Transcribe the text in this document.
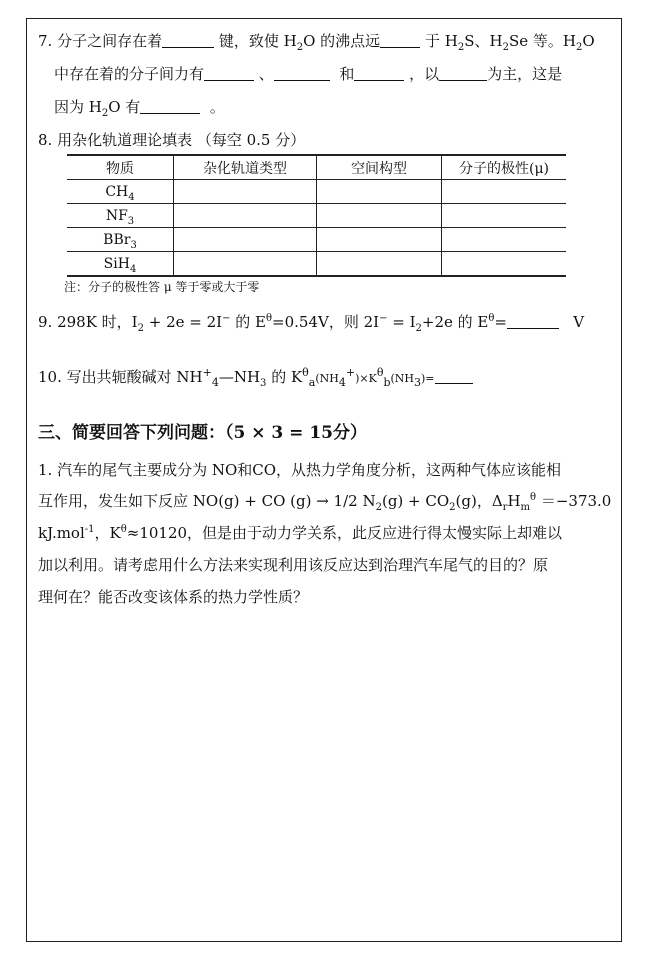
7. 分子之间存在着	键，致使 $H_2O$ 的沸点远	于 $H_2S$、$H_2Se$ 等。$H_2O$
中存在着的分子间力有	、	和	，以	为主，这是
因为 $H_2O$ 有	。
8. 用杂化轨道理论填表 （每空 0.5 分）
物质	杂化轨道类型	空间构型	分子的极性(μ)
$CH_4$			
$NF_3$			
BBr$_3$			
SiH$_4$			
注：分子的极性答 μ 等于零或大于零
9. 298K 时，$I_2 + 2e = 2I^-$ 的 $E^\theta=0.54V$，则 $2I^- = I_2+2e$ 的 $E^\theta=$	V
10. 写出共轭酸碱对 $NH^+_4—NH_3$ 的 $K^\theta_a(NH_4^+)\times K^\theta_b(NH_3)=$
三、简要回答下列问题：（5 × 3 = 15分）
1. 汽车的尾气主要成分为 NO和CO，从热力学角度分析，这两种气体应该能相
互作用，发生如下反应 NO(g) + CO (g) → 1/2 $N_2(g) + CO_2(g)$，$\Delta_rH_m^\theta =-373.0$
kJ.mol$^{-1}$，$K^\theta\approx 10120$，但是由于动力学关系，此反应进行得太慢实际上却难以
加以利用。请考虑用什么方法来实现利用该反应达到治理汽车尾气的目的？原
理何在？能否改变该体系的热力学性质？
